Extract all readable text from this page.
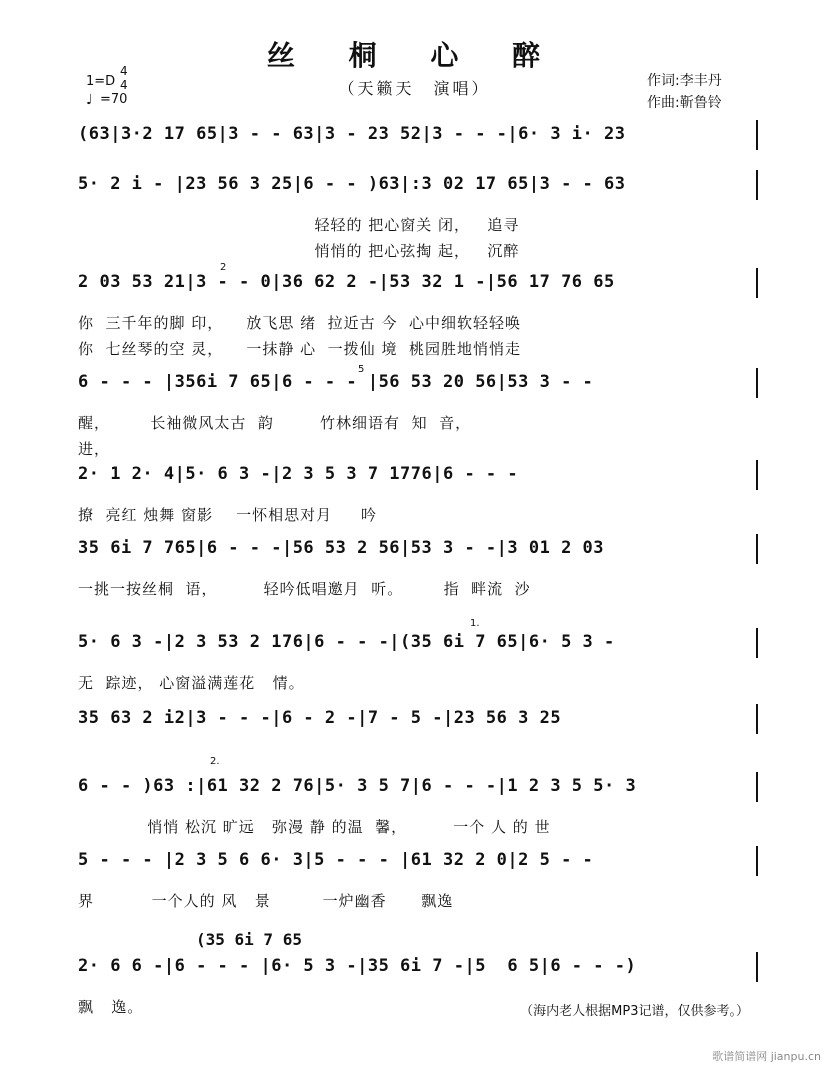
丝 桐 心 醉
（天籁天　演唱）	作词:李丰丹
作曲:靳鲁铃
1=D
4
4
♩ =70
(63|3·2 17 65|3 - - 63|3 - 23 52|3 - - -|6· 3 i· 23
5· 2 i - |23 56 3 25|6 - - )63|:3 02 17 65|3 - - 63
轻轻的 把心窗关 闭，   追寻
悄悄的 把心弦掏 起，   沉醉
2 03 53 21|3 - - 0|36 62 2 -|53 32 1 -|56 17 76 65
你  三千年的脚 印，    放飞思 绪  拉近古 今  心中细软轻轻唤
你  七丝琴的空 灵，    一抹静 心  一拨仙 境  桃园胜地悄悄走
6 - - - |356i 7 65|6 - - - |56 53 20 56|53 3 - -
醒，       长袖微风太古  韵        竹林细语有  知  音，
进，
2· 1 2· 4|5· 6 3 -|2 3 5 3 7 1776|6 - - -
撩  亮红 烛舞 窗影    一怀相思对月     吟
35 6i 7 765|6 - - -|56 53 2 56|53 3 - -|3 01 2 03
一挑一按丝桐  语，        轻吟低唱邀月  听。       指  畔流  沙
5· 6 3 -|2 3 53 2 176|6 - - -|(35 6i 7 65|6· 5 3 -
无  踪迹， 心窗溢满莲花   情。
35 63 2 i2|3 - - -|6 - 2 -|7 - 5 -|23 56 3 25
6 - - )63 :|61 32 2 76|5· 3 5 7|6 - - -|1 2 3 5 5· 3
悄悄 松沉 旷远   弥漫 静 的温  馨，        一个 人 的 世
5 - - - |2 3 5 6 6· 3|5 - - - |61 32 2 0|2 5 - -
界          一个人的 风   景         一炉幽香      飘逸
2· 6 6 -|6 - - - |6· 5 3 -|35 6i 7 -|5  6 5|6 - - -)
飘   逸。
1.
2.
2
5
(35 6i 7 65
（海内老人根据MP3记谱，仅供参考。）
歌谱简谱网 jianpu.cn
